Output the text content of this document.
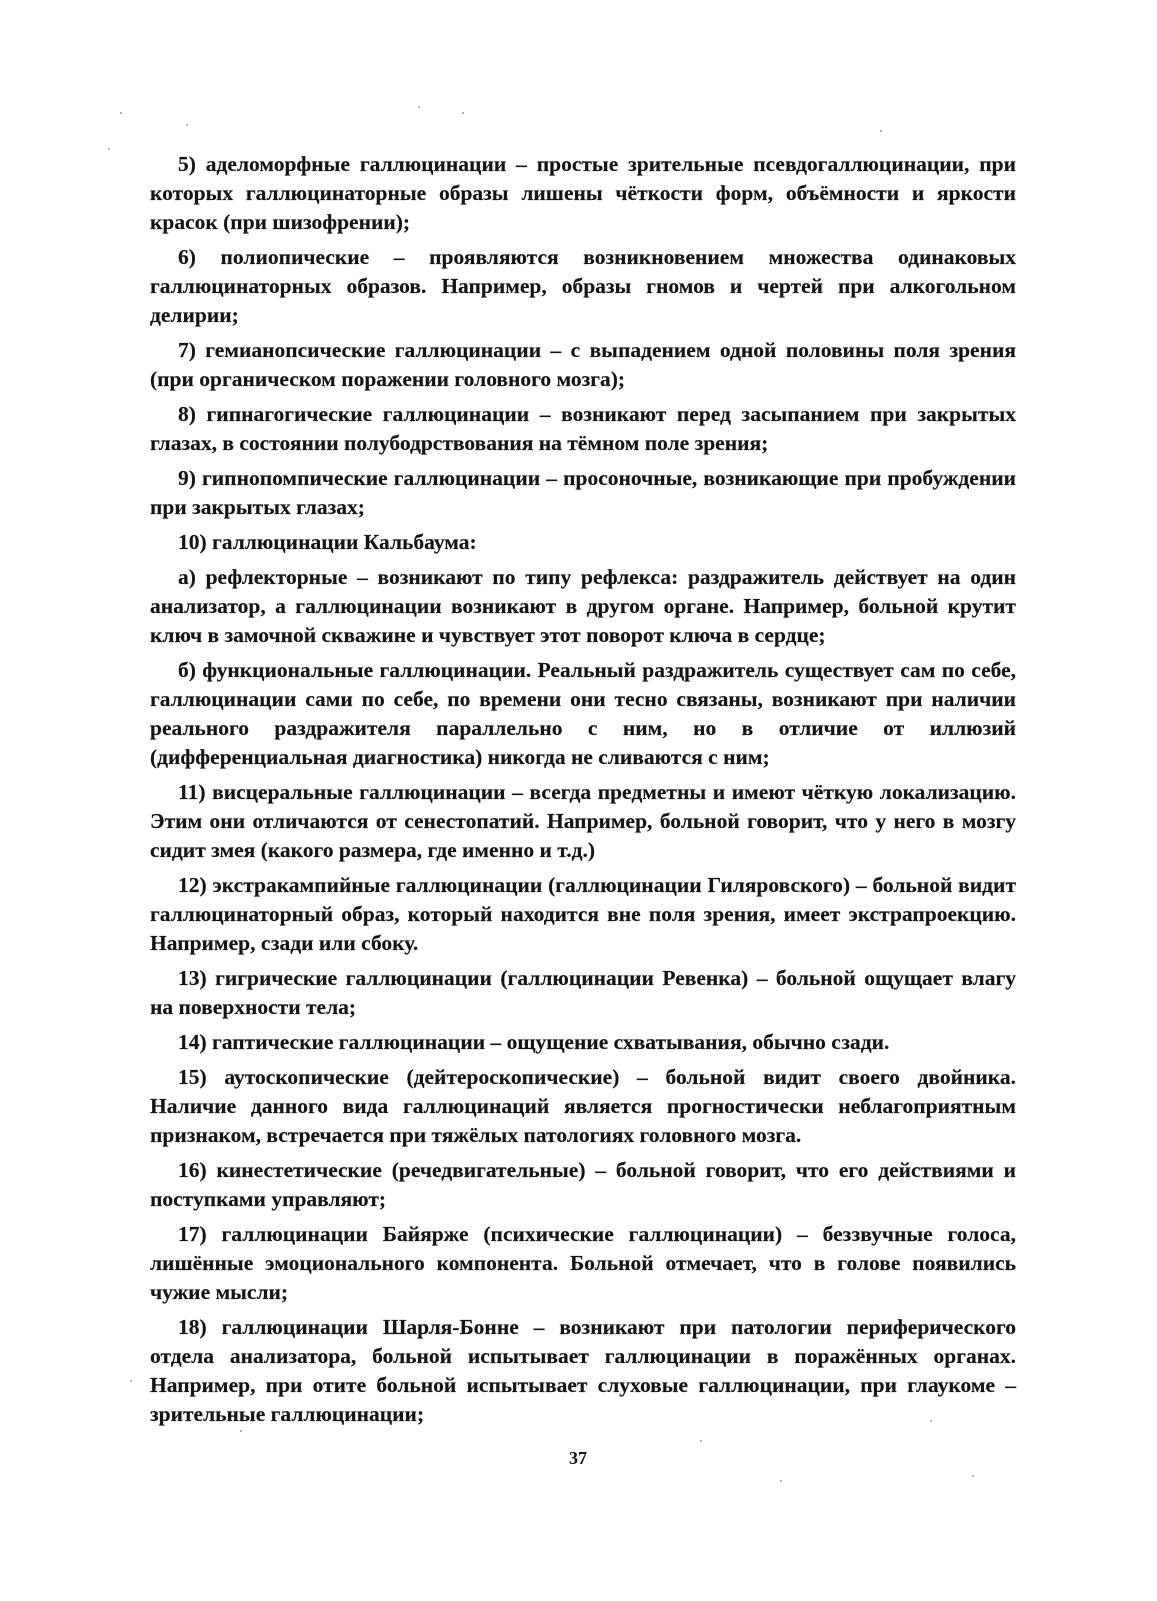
5) аделоморфные галлюцинации – простые зрительные псевдогаллюцинации, при которых галлюцинаторные образы лишены чёткости форм, объёмности и яркости красок (при шизофрении);

6) полиопические – проявляются возникновением множества одинаковых галлюцинаторных образов. Например, образы гномов и чертей при алкогольном делирии;

7) гемианопсические галлюцинации – с выпадением одной половины поля зрения (при органическом поражении головного мозга);

8) гипнагогические галлюцинации – возникают перед засыпанием при закрытых глазах, в состоянии полубодрствования на тёмном поле зрения;

9) гипнопомпические галлюцинации – просоночные, возникающие при пробуждении при закрытых глазах;

10) галлюцинации Кальбаума:

а) рефлекторные – возникают по типу рефлекса: раздражитель действует на один анализатор, а галлюцинации возникают в другом органе. Например, больной крутит ключ в замочной скважине и чувствует этот поворот ключа в сердце;

б) функциональные галлюцинации. Реальный раздражитель существует сам по себе, галлюцинации сами по себе, по времени они тесно связаны, возникают при наличии реального раздражителя параллельно с ним, но в отличие от иллюзий (дифференциальная диагностика) никогда не сливаются с ним;

11) висцеральные галлюцинации – всегда предметны и имеют чёткую локализацию. Этим они отличаются от сенестопатий. Например, больной говорит, что у него в мозгу сидит змея (какого размера, где именно и т.д.)

12) экстракампийные галлюцинации (галлюцинации Гиляровского) – больной видит галлюцинаторный образ, который находится вне поля зрения, имеет экстрапроекцию. Например, сзади или сбоку.

13) гигрические галлюцинации (галлюцинации Ревенка) – больной ощущает влагу на поверхности тела;

14) гаптические галлюцинации – ощущение схватывания, обычно сзади.

15) аутоскопические (дейтероскопические) – больной видит своего двойника. Наличие данного вида галлюцинаций является прогностически неблагоприятным признаком, встречается при тяжёлых патологиях головного мозга.

16) кинестетические (речедвигательные) – больной говорит, что его действиями и поступками управляют;

17) галлюцинации Байярже (психические галлюцинации) – беззвучные голоса, лишённые эмоционального компонента. Больной отмечает, что в голове появились чужие мысли;

18) галлюцинации Шарля-Бонне – возникают при патологии периферического отдела анализатора, больной испытывает галлюцинации в поражённых органах. Например, при отите больной испытывает слуховые галлюцинации, при глаукоме – зрительные галлюцинации;

37
